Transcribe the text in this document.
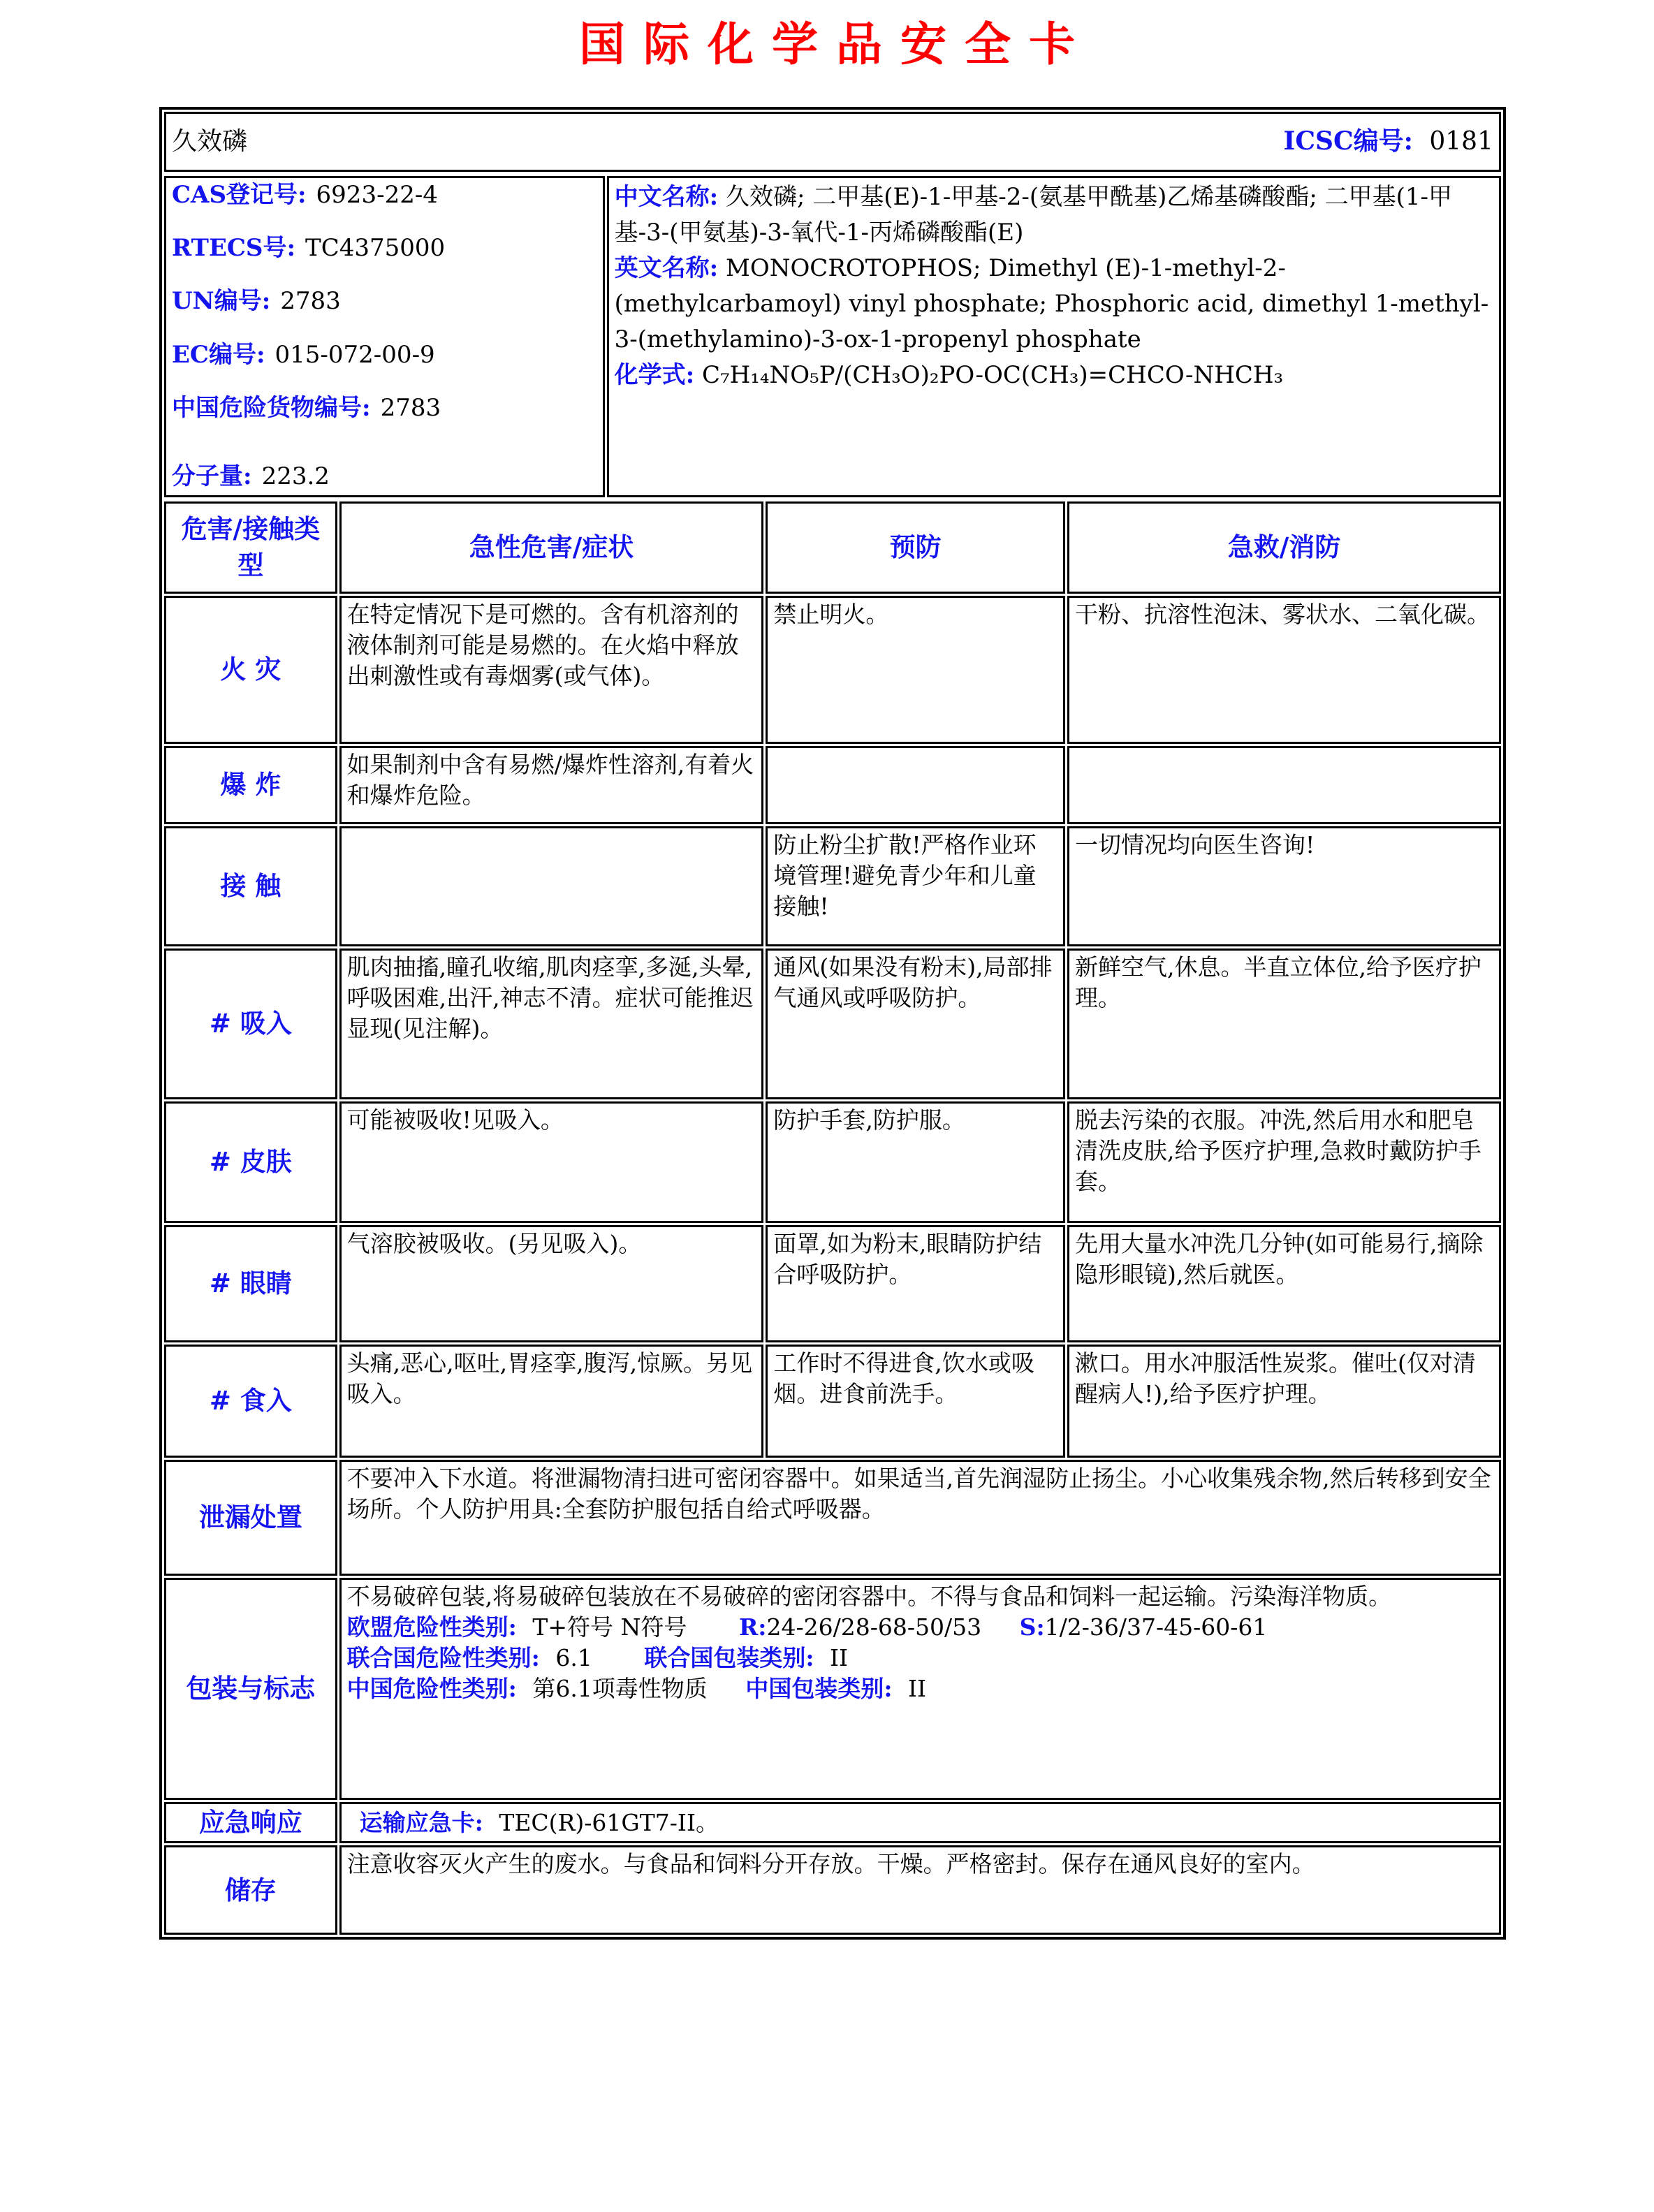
国际化学品安全卡
久效磷	ICSC编号: 0181
CAS登记号: 6923-22-4
RTECS号: TC4375000
UN编号: 2783
EC编号: 015-072-00-9
中国危险货物编号: 2783
分子量: 223.2

中文名称: 久效磷; 二甲基(E)-1-甲基-2-(氨基甲酰基)乙烯基磷酸酯; 二甲基(1-甲基-3-(甲氨基)-3-氧代-1-丙烯磷酸酯(E)

英文名称: MONOCROTOPHOS; Dimethyl (E)-1-methyl-2-(methylcarbamoyl) vinyl phosphate; Phosphoric acid, dimethyl 1-methyl-3-(methylamino)-3-ox-1-propenyl phosphate

化学式: C₇H₁₄NO₅P/(CH₃O)₂PO-OC(CH₃)=CHCO-NHCH₃

危害/接触类型	急性危害/症状	预防	急救/消防
火 灾	在特定情况下是可燃的。含有机溶剂的液体制剂可能是易燃的。在火焰中释放出刺激性或有毒烟雾(或气体)。	禁止明火。	干粉、抗溶性泡沫、雾状水、二氧化碳。
爆 炸	如果制剂中含有易燃/爆炸性溶剂,有着火和爆炸危险。		
接 触		防止粉尘扩散!严格作业环境管理!避免青少年和儿童接触!	一切情况均向医生咨询!
# 吸入	肌肉抽搐,瞳孔收缩,肌肉痉挛,多涎,头晕,呼吸困难,出汗,神志不清。症状可能推迟显现(见注解)。	通风(如果没有粉末),局部排气通风或呼吸防护。	新鲜空气,休息。半直立体位,给予医疗护理。
# 皮肤	可能被吸收!见吸入。	防护手套,防护服。	脱去污染的衣服。冲洗,然后用水和肥皂清洗皮肤,给予医疗护理,急救时戴防护手套。
# 眼睛	气溶胶被吸收。(另见吸入)。	面罩,如为粉末,眼睛防护结合呼吸防护。	先用大量水冲洗几分钟(如可能易行,摘除隐形眼镜),然后就医。
# 食入	头痛,恶心,呕吐,胃痉挛,腹泻,惊厥。另见吸入。	工作时不得进食,饮水或吸烟。进食前洗手。	漱口。用水冲服活性炭浆。催吐(仅对清醒病人!),给予医疗护理。
泄漏处置	不要冲入下水道。将泄漏物清扫进可密闭容器中。如果适当,首先润湿防止扬尘。小心收集残余物,然后转移到安全场所。个人防护用具:全套防护服包括自给式呼吸器。		
包装与标志	不易破碎包装,将易破碎包装放在不易破碎的密闭容器中。不得与食品和饲料一起运输。污染海洋物质。

欧盟危险性类别: T+符号 N符号 R:24-26/28-68-50/53 S:1/2-36/37-45-60-61

联合国危险性类别: 6.1 联合国包装类别: II

中国危险性类别: 第6.1项毒性物质 中国包装类别: II		

应急响应	运输应急卡: TEC(R)-61GT7-II。		

储存	注意收容灭火产生的废水。与食品和饲料分开存放。干燥。严格密封。保存在通风良好的室内。		
